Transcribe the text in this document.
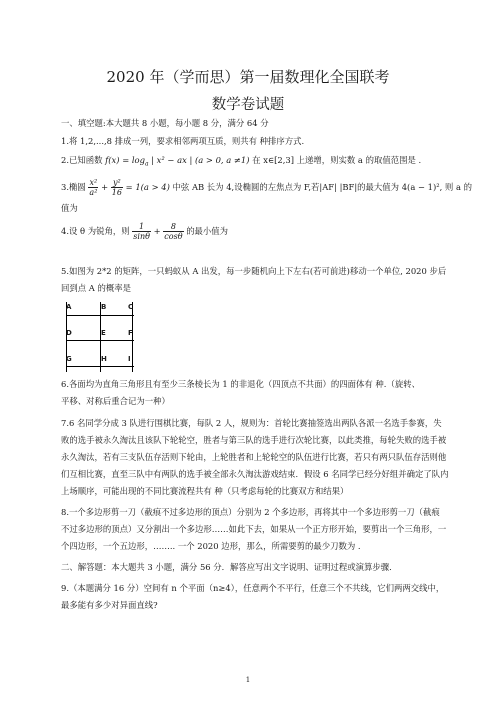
2020 年（学而思）第一届数理化全国联考
数学卷试题
一、填空题:本大题共 8 小题，每小题 8 分，满分 64 分
1.将 1,2,...,8 排成一列，要求相邻两项互质，则共有 种排序方式.
2.已知函数 $f(x) = \log_a$ | x² − ax | (a > 0, a ≠1) 在 x∈[2,3] 上递增，则实数 a 的取值范围是 .
3.椭圆 $\frac{\text{x²}}{\text{a²}} + \frac{\text{y²}}{16} = 1(a > 4)$ 中弦 AB 长为 4,设椭圆的左焦点为 F,若|AF| |BF|的最大值为 4(a − 1)², 则 a 的
值为
4.设 θ 为锐角，则 $\frac{1}{\sin\theta} + \frac{8}{\cos\theta}$ 的最小值为
5.如图为 2*2 的矩阵，一只蚂蚁从 A 出发，每一步随机向上下左右(若可前进)移动一个单位, 2020 步后
回到点 A 的概率是
A	B	C
D	E	F
G	H	I
6.各面均为直角三角形且有至少三条棱长为 1 的非退化（四顶点不共面）的四面体有 种.（旋转、
平移、对称后重合记为一种）
7.6 名同学分成 3 队进行围棋比赛，每队 2 人，规则为：首轮比赛抽签选出两队各派一名选手参赛，失
败的选手被永久淘汰且该队下轮轮空，胜者与第三队的选手进行次轮比赛，以此类推，每轮失败的选手被
永久淘汰，若有三支队伍存活则下轮由，上轮胜者和上轮轮空的队伍进行比赛，若只有两只队伍存活则他
们互相比赛，直至三队中有两队的选手被全部永久淘汰游戏结束．假设 6 名同学已经分好组并确定了队内
上场顺序，可能出现的不同比赛流程共有 种（只考虑每轮的比赛双方和结果）
8.一个多边形剪一刀（截痕不过多边形的顶点）分别为 2 个多边形，再将其中一个多边形剪一刀（截痕
不过多边形的顶点）又分割出一个多边形……如此下去，如果从一个正方形开始，要剪出一个三角形，一
个四边形，一个五边形，…….. 一个 2020 边形，那么，所需要剪的最少刀数为 .
二、解答题：本大题共 3 小题，满分 56 分．解答应写出文字说明、证明过程或演算步骤．
9.（本题满分 16 分）空间有 n 个平面（n≥4），任意两个不平行，任意三个不共线，它们两两交线中，
最多能有多少对异面直线?
1
